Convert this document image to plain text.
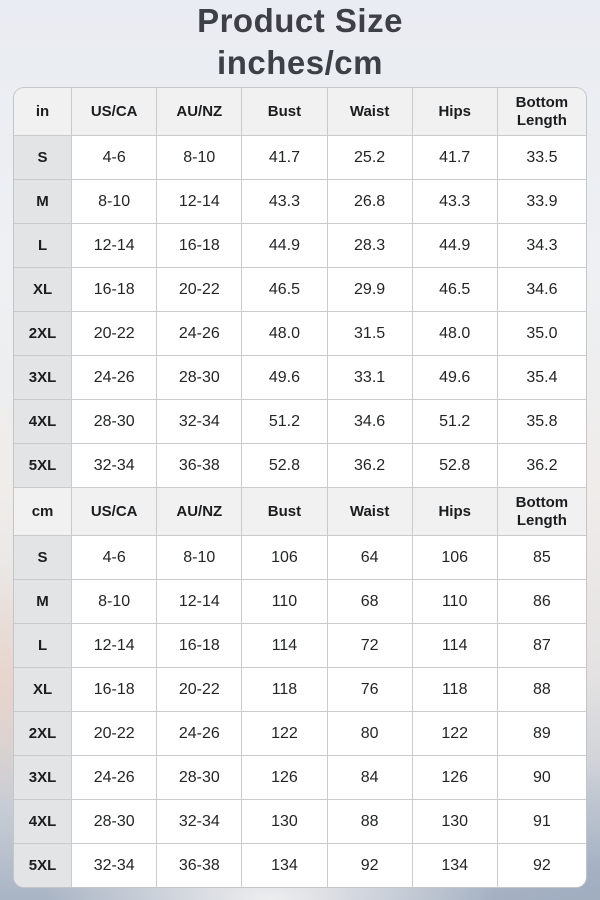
Product Size
inches/cm
in	US/CA	AU/NZ	Bust	Waist	Hips	Bottom Length
S	4-6	8-10	41.7	25.2	41.7	33.5
M	8-10	12-14	43.3	26.8	43.3	33.9
L	12-14	16-18	44.9	28.3	44.9	34.3
XL	16-18	20-22	46.5	29.9	46.5	34.6
2XL	20-22	24-26	48.0	31.5	48.0	35.0
3XL	24-26	28-30	49.6	33.1	49.6	35.4
4XL	28-30	32-34	51.2	34.6	51.2	35.8
5XL	32-34	36-38	52.8	36.2	52.8	36.2
cm	US/CA	AU/NZ	Bust	Waist	Hips	Bottom Length
S	4-6	8-10	106	64	106	85
M	8-10	12-14	110	68	110	86
L	12-14	16-18	114	72	114	87
XL	16-18	20-22	118	76	118	88
2XL	20-22	24-26	122	80	122	89
3XL	24-26	28-30	126	84	126	90
4XL	28-30	32-34	130	88	130	91
5XL	32-34	36-38	134	92	134	92
